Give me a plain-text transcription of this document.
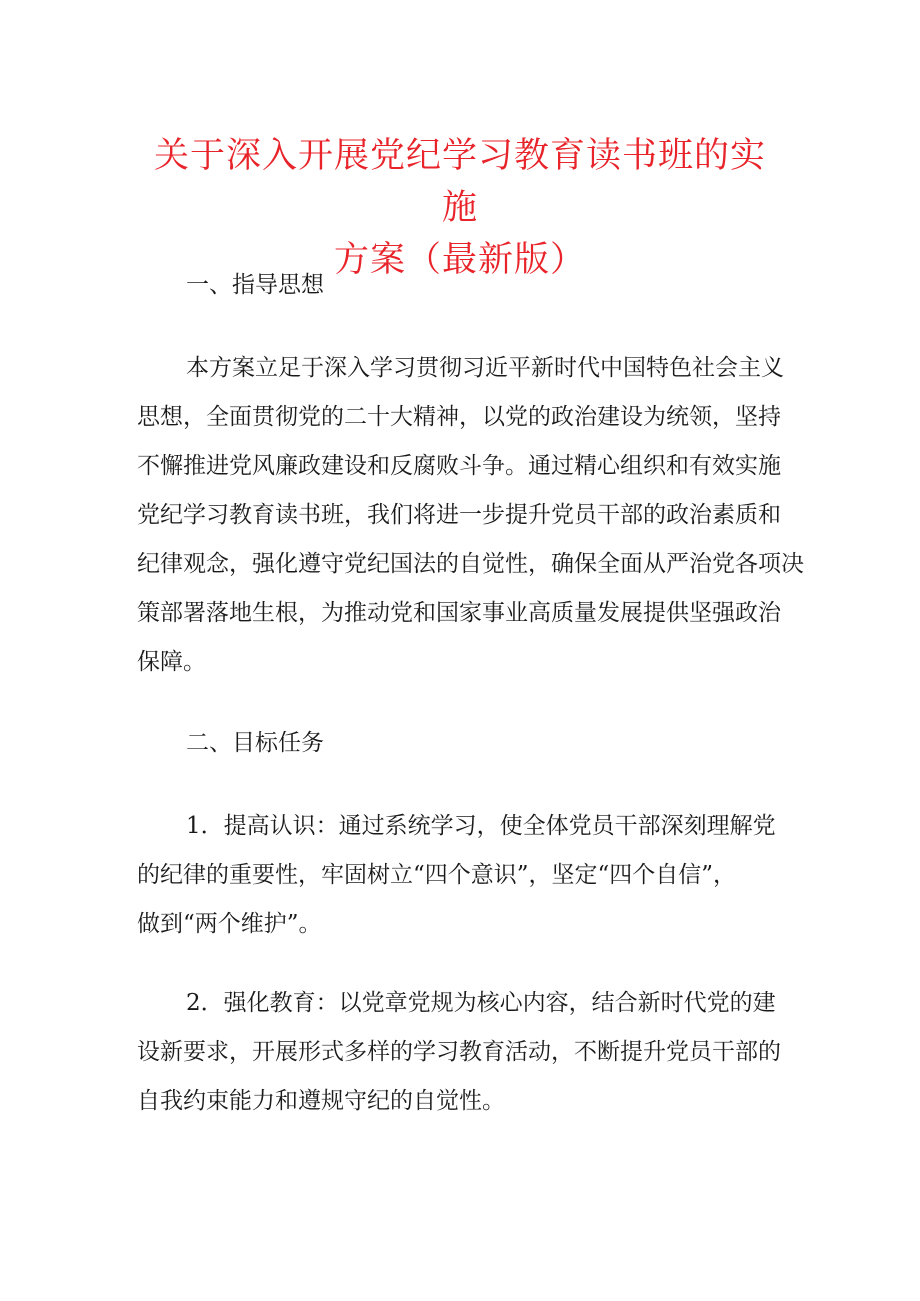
关于深入开展党纪学习教育读书班的实施
方案（最新版）
一、指导思想
本方案立足于深入学习贯彻习近平新时代中国特色社会主义
思想，全面贯彻党的二十大精神，以党的政治建设为统领，坚持
不懈推进党风廉政建设和反腐败斗争。通过精心组织和有效实施
党纪学习教育读书班，我们将进一步提升党员干部的政治素质和
纪律观念，强化遵守党纪国法的自觉性，确保全面从严治党各项决
策部署落地生根，为推动党和国家事业高质量发展提供坚强政治
保障。
二、目标任务
1．提高认识：通过系统学习，使全体党员干部深刻理解党
的纪律的重要性，牢固树立“四个意识”，坚定“四个自信”，
做到“两个维护”。
2．强化教育：以党章党规为核心内容，结合新时代党的建
设新要求，开展形式多样的学习教育活动，不断提升党员干部的
自我约束能力和遵规守纪的自觉性。
